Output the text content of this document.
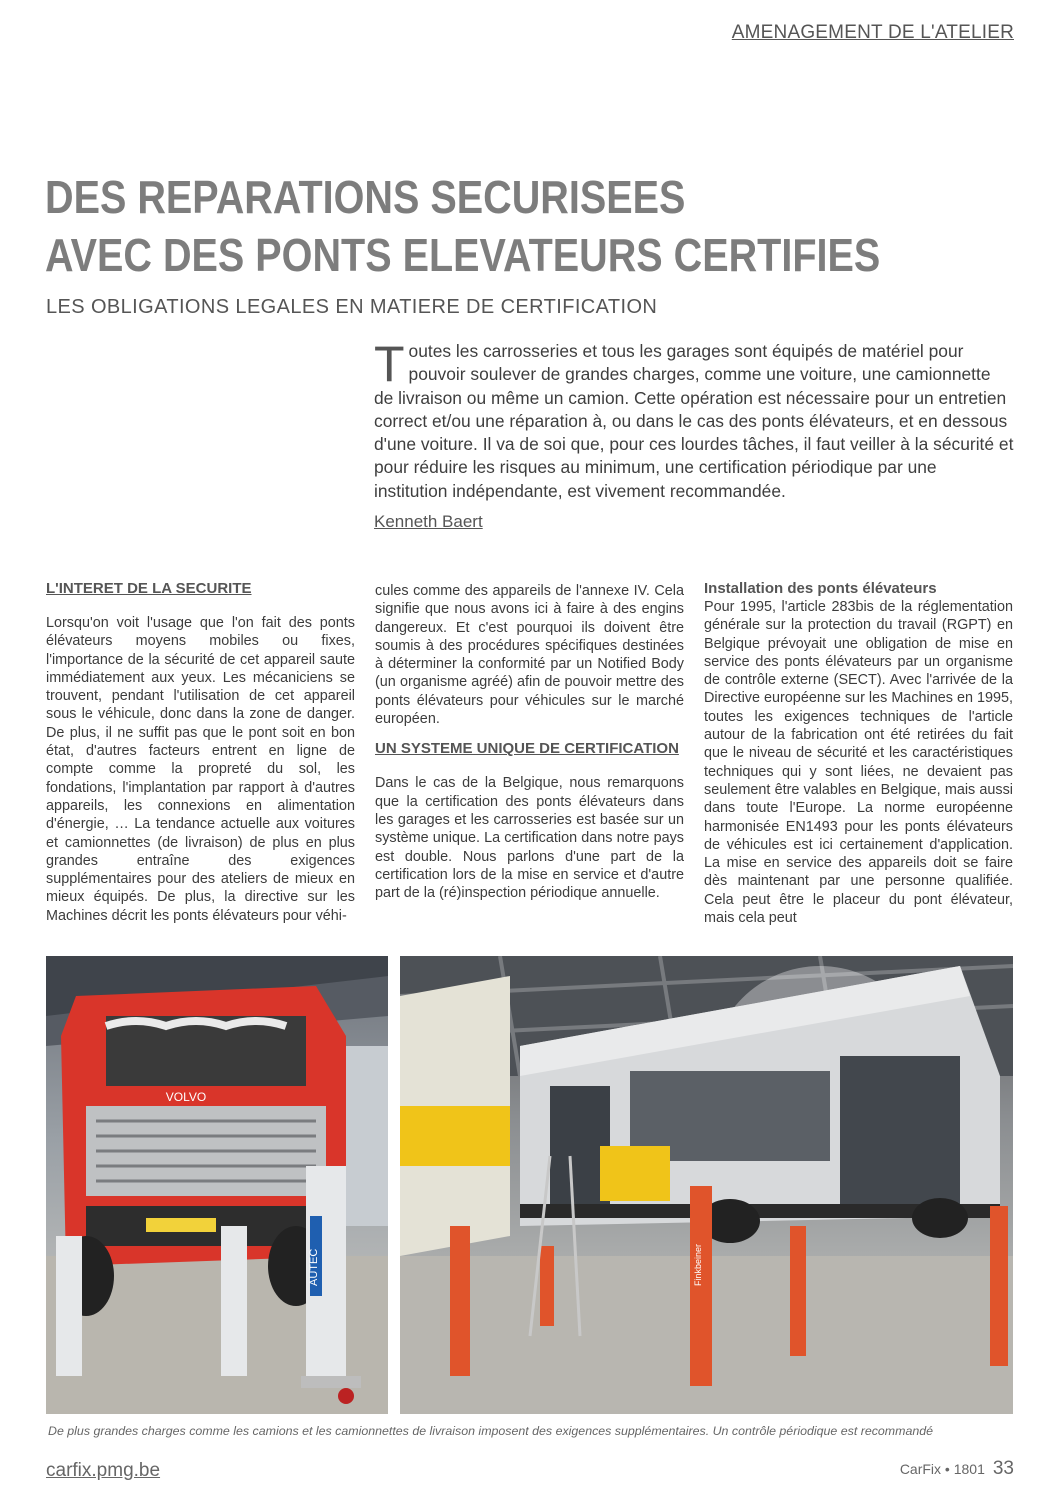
AMENAGEMENT DE L'ATELIER
DES REPARATIONS SECURISEES
AVEC DES PONTS ELEVATEURS CERTIFIES
LES OBLIGATIONS LEGALES EN MATIERE DE CERTIFICATION
Toutes les carrosseries et tous les garages sont équipés de matériel pour pouvoir soulever de grandes charges, comme une voiture, une camionnette de livraison ou même un camion. Cette opération est nécessaire pour un entretien correct et/ou une réparation à, ou dans le cas des ponts élévateurs, et en dessous d'une voiture. Il va de soi que, pour ces lourdes tâches, il faut veiller à la sécurité et pour réduire les risques au minimum, une certification périodique par une institution indépendante, est vivement recommandée.
Kenneth Baert
L'INTERET DE LA SECURITE

Lorsqu'on voit l'usage que l'on fait des ponts élévateurs moyens mobiles ou fixes, l'importance de la sécurité de cet appareil saute immédiatement aux yeux. Les mécaniciens se trouvent, pendant l'utilisation de cet appareil sous le véhicule, donc dans la zone de danger. De plus, il ne suffit pas que le pont soit en bon état, d'autres facteurs entrent en ligne de compte comme la propreté du sol, les fondations, l'implantation par rapport à d'autres appareils, les connexions en alimentation d'énergie, … La tendance actuelle aux voitures et camionnettes (de livraison) de plus en plus grandes entraîne des exigences supplémentaires pour des ateliers de mieux en mieux équipés. De plus, la directive sur les Machines décrit les ponts élévateurs pour véhi-

cules comme des appareils de l'annexe IV. Cela signifie que nous avons ici à faire à des engins dangereux. Et c'est pourquoi ils doivent être soumis à des procédures spécifiques destinées à déterminer la conformité par un Notified Body (un organisme agréé) afin de pouvoir mettre des ponts élévateurs pour véhicules sur le marché européen.

UN SYSTEME UNIQUE DE CERTIFICATION

Dans le cas de la Belgique, nous remarquons que la certification des ponts élévateurs dans les garages et les carrosseries est basée sur un système unique. La certification dans notre pays est double. Nous parlons d'une part de la certification lors de la mise en service et d'autre part de la (ré)inspection périodique annuelle.

Installation des ponts élévateurs

Pour 1995, l'article 283bis de la réglementation générale sur la protection du travail (RGPT) en Belgique prévoyait une obligation de mise en service des ponts élévateurs par un organisme de contrôle externe (SECT). Avec l'arrivée de la Directive européenne sur les Machines en 1995, toutes les exigences techniques de l'article autour de la fabrication ont été retirées du fait que le niveau de sécurité et les caractéristiques techniques qui y sont liées, ne devaient pas seulement être valables en Belgique, mais aussi dans toute l'Europe. La norme européenne harmonisée EN1493 pour les ponts élévateurs de véhicules est ici certainement d'application. La mise en service des appareils doit se faire dès maintenant par une personne qualifiée. Cela peut être le placeur du pont élévateur, mais cela peut

VOLVO
AUTEC	Finkbeiner
De plus grandes charges comme les camions et les camionnettes de livraison imposent des exigences supplémentaires. Un contrôle périodique est recommandé
carfix.pmg.be	CarFix • 1801 33
